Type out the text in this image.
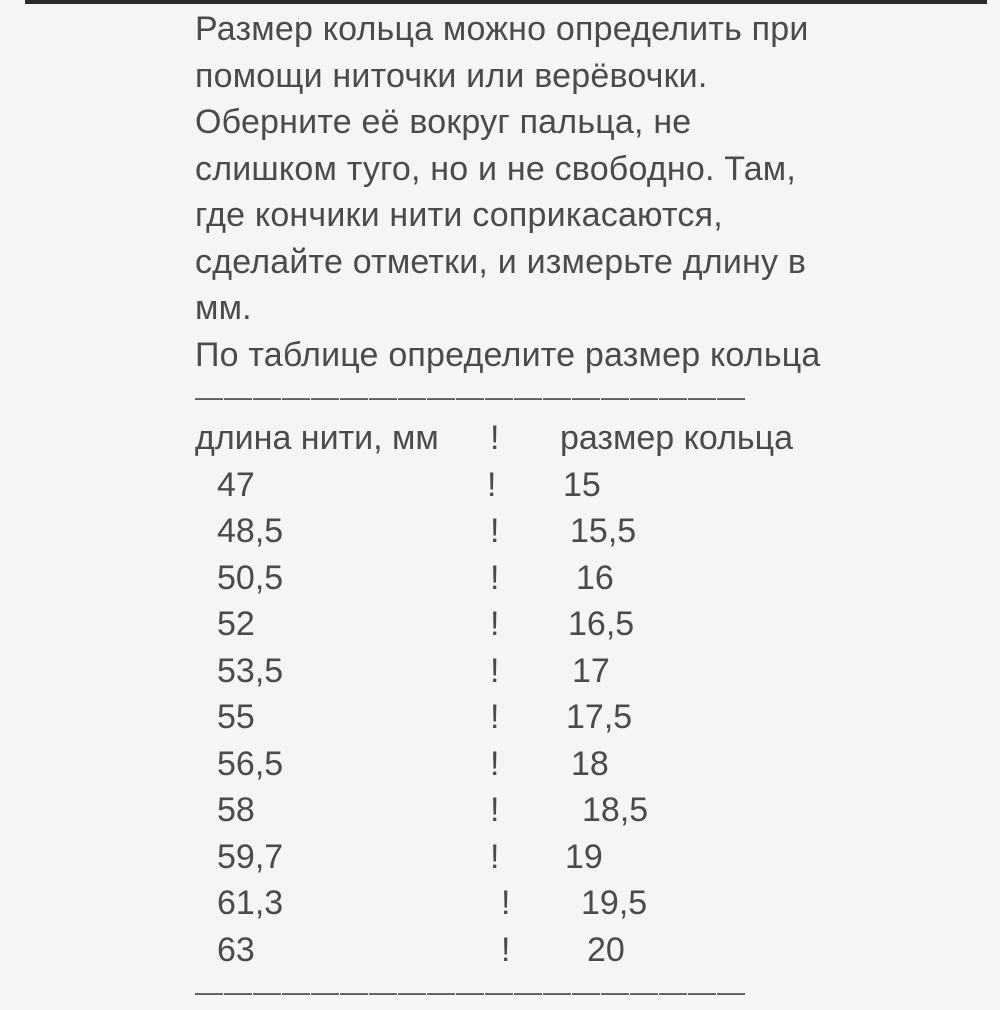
Размер кольца можно определить при
помощи ниточки или верёвочки.
Оберните её вокруг пальца, не
слишком туго, но и не свободно. Там,
где кончики нити соприкасаются,
сделайте отметки, и измерьте длину в
мм.
По таблице определите размер кольца
———————————————————
длина нити, мм ! размер кольца
47	! 15
48,5	! 15,5
50,5	! 16
52	! 16,5
53,5	! 17
55	! 17,5
56,5	! 18
58	! 18,5
59,7	! 19
61,3	! 19,5
63	! 20
———————————————————
